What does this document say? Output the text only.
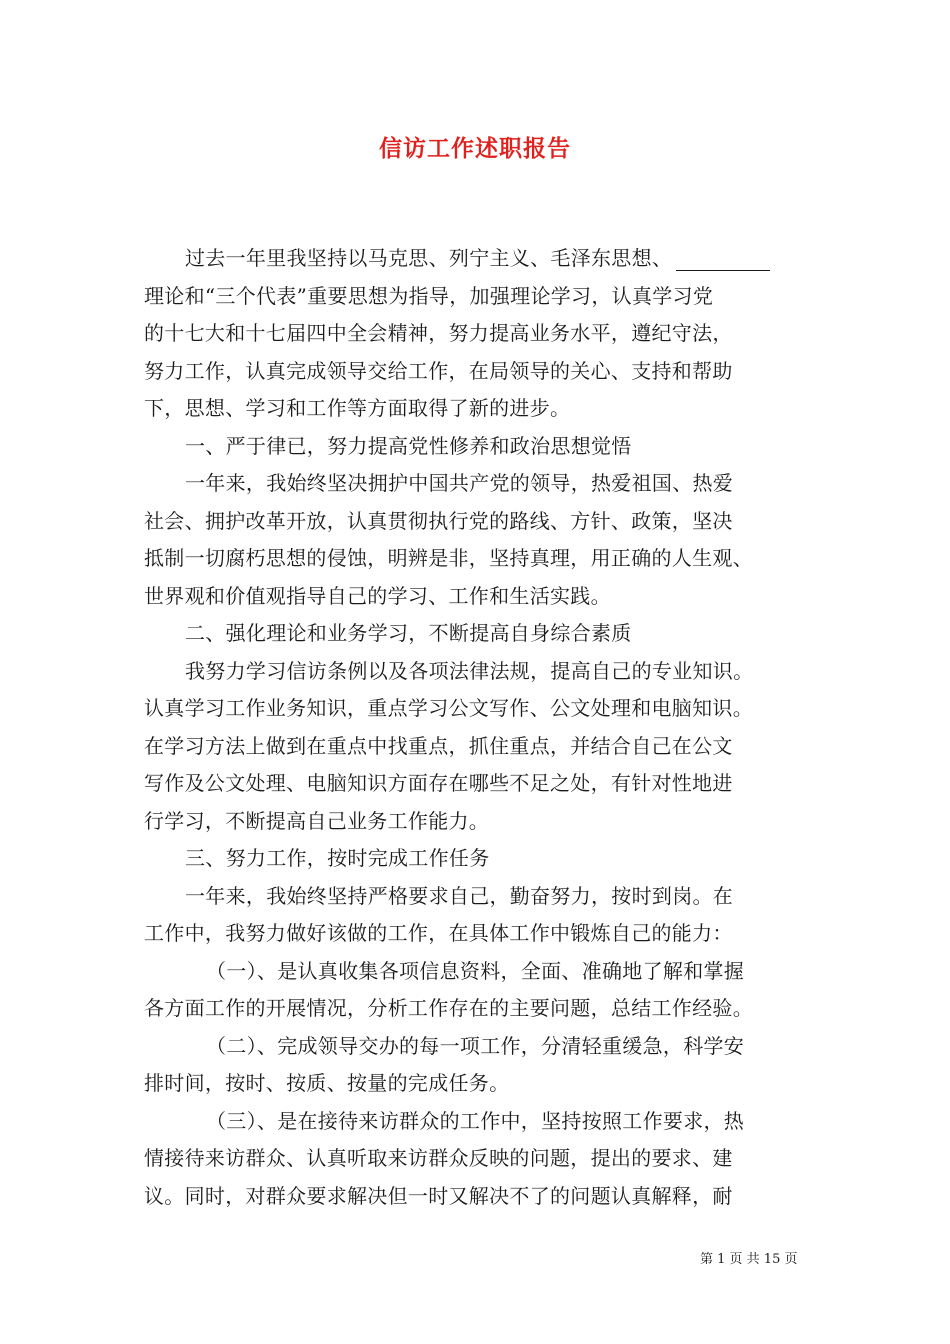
信访工作述职报告
过去一年里我坚持以马克思、列宁主义、毛泽东思想、
理论和“三个代表”重要思想为指导，加强理论学习，认真学习党
的十七大和十七届四中全会精神，努力提高业务水平，遵纪守法，
努力工作，认真完成领导交给工作，在局领导的关心、支持和帮助
下，思想、学习和工作等方面取得了新的进步。
一、严于律已，努力提高党性修养和政治思想觉悟
一年来，我始终坚决拥护中国共产党的领导，热爱祖国、热爱
社会、拥护改革开放，认真贯彻执行党的路线、方针、政策，坚决
抵制一切腐朽思想的侵蚀，明辨是非，坚持真理，用正确的人生观、
世界观和价值观指导自己的学习、工作和生活实践。
二、强化理论和业务学习，不断提高自身综合素质
我努力学习信访条例以及各项法律法规，提高自己的专业知识。
认真学习工作业务知识，重点学习公文写作、公文处理和电脑知识。
在学习方法上做到在重点中找重点，抓住重点，并结合自己在公文
写作及公文处理、电脑知识方面存在哪些不足之处，有针对性地进
行学习，不断提高自己业务工作能力。
三、努力工作，按时完成工作任务
一年来，我始终坚持严格要求自己，勤奋努力，按时到岗。在
工作中，我努力做好该做的工作，在具体工作中锻炼自己的能力：
（一）、是认真收集各项信息资料，全面、准确地了解和掌握
各方面工作的开展情况，分析工作存在的主要问题，总结工作经验。
（二）、完成领导交办的每一项工作，分清轻重缓急，科学安
排时间，按时、按质、按量的完成任务。
（三）、是在接待来访群众的工作中，坚持按照工作要求，热
情接待来访群众、认真听取来访群众反映的问题，提出的要求、建
议。同时，对群众要求解决但一时又解决不了的问题认真解释，耐
第 1 页 共 15 页
